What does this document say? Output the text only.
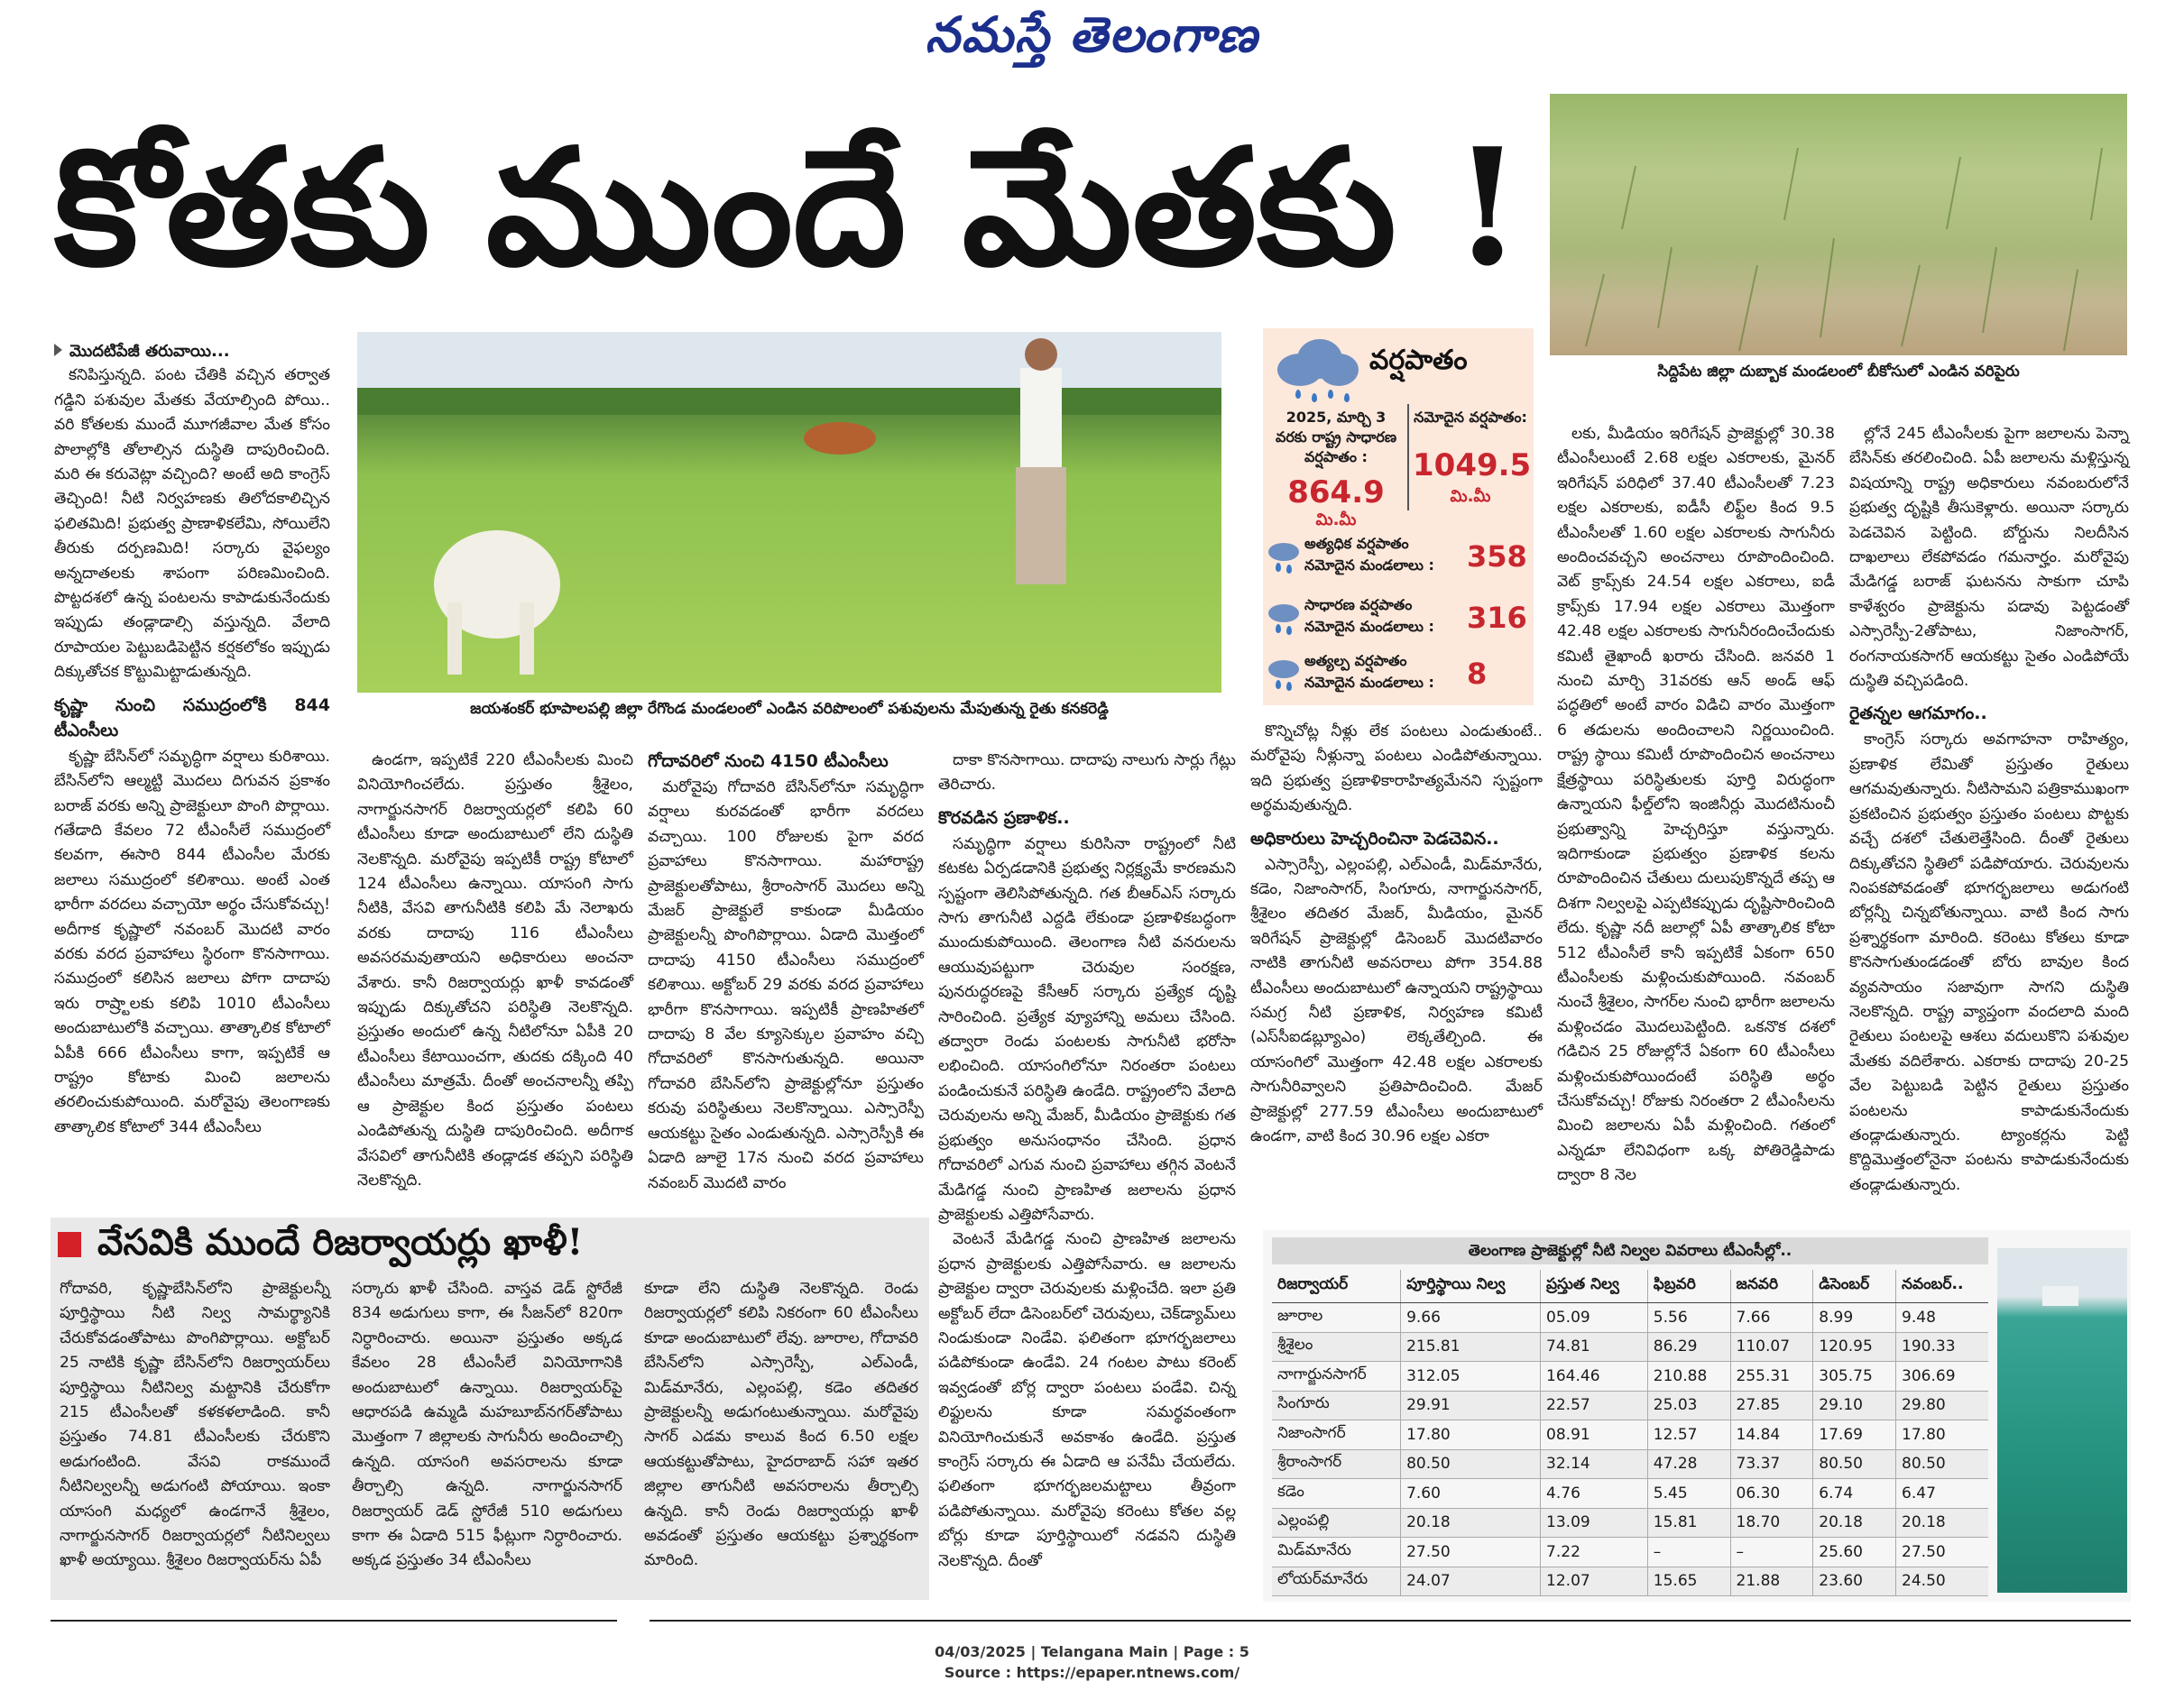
నమస్తే తెలంగాణ
కోతకు ముందే మేతకు !
సిద్దిపేట జిల్లా దుబ్బాక మండలంలో బీకోసులో ఎండిన వరిపైరు
జయశంకర్ భూపాలపల్లి జిల్లా రేగొండ మండలంలో ఎండిన వరిపొలంలో పశువులను మేపుతున్న రైతు కనకరెడ్డి
వర్షపాతం
2025, మార్చి 3 వరకు రాష్ట్ర సాధారణ వర్షపాతం :
864.9 మి.మీ
నమోదైన వర్షపాతం:
1049.5
మి.మీ
అత్యధిక వర్షపాతం
నమోదైన మండలాలు : 358
సాధారణ వర్షపాతం
నమోదైన మండలాలు : 316
అత్యల్ప వర్షపాతం
నమోదైన మండలాలు : 8
మొదటిపేజీ తరువాయి...

కనిపిస్తున్నది. పంట చేతికి వచ్చిన తర్వాత గడ్డిని పశువుల మేతకు వేయాల్సింది పోయి.. వరి కోతలకు ముందే మూగజీవాల మేత కోసం పొలాల్లోకి తోలాల్సిన దుస్థితి దాపురించింది. మరి ఈ కరువెట్లా వచ్చింది? అంటే అది కాంగ్రెస్ తెచ్చింది! నీటి నిర్వహణకు తిలోదకాలిచ్చిన ఫలితమిది! ప్రభుత్వ ప్రాణాళికలేమి, సోయిలేని తీరుకు దర్పణమిది! సర్కారు వైఫల్యం అన్నదాతలకు శాపంగా పరిణమించింది. పొట్టదశలో ఉన్న పంటలను కాపాడుకునేందుకు ఇప్పుడు తండ్లాడాల్సి వస్తున్నది. వేలాది రూపాయల పెట్టుబడిపెట్టిన కర్షకలోకం ఇప్పుడు దిక్కుతోచక కొట్టుమిట్టాడుతున్నది.

కృష్ణా నుంచి సముద్రంలోకి 844 టీఎంసీలు

కృష్ణా బేసిన్‌లో సమృద్ధిగా వర్షాలు కురిశాయి. బేసిన్‌లోని ఆల్మట్టి మొదలు దిగువన ప్రకాశం బరాజ్ వరకు అన్ని ప్రాజెక్టులూ పొంగి పొర్లాయి. గతేడాది కేవలం 72 టీఎంసీలే సముద్రంలో కలవగా, ఈసారి 844 టీఎంసీల మేరకు జలాలు సముద్రంలో కలిశాయి. అంటే ఎంత భారీగా వరదలు వచ్చాయో అర్థం చేసుకోవచ్చు! అదీగాక కృష్ణాలో నవంబర్ మొదటి వారం వరకు వరద ప్రవాహాలు స్థిరంగా కొనసాగాయి. సముద్రంలో కలిసిన జలాలు పోగా దాదాపు ఇరు రాష్ర్టాలకు కలిపి 1010 టీఎంసీలు అందుబాటులోకి వచ్చాయి. తాత్కాలిక కోటాలో ఏపీకి 666 టీఎంసీలు కాగా, ఇప్పటికే ఆ రాష్ట్రం కోటాకు మించి జలాలను తరలించుకుపోయింది. మరోవైపు తెలంగాణకు తాత్కాలిక కోటాలో 344 టీఎంసీలు

ఉండగా, ఇప్పటికే 220 టీఎంసీలకు మించి వినియోగించలేదు. ప్రస్తుతం శ్రీశైలం, నాగార్జునసాగర్ రిజర్వాయర్లలో కలిపి 60 టీఎంసీలు కూడా అందుబాటులో లేని దుస్థితి నెలకొన్నది. మరోవైపు ఇప్పటికీ రాష్ట్ర కోటాలో 124 టీఎంసీలు ఉన్నాయి. యాసంగి సాగు నీటికి, వేసవి తాగునీటికి కలిపి మే నెలాఖరు వరకు దాదాపు 116 టీఎంసీలు అవసరమవుతాయని అధికారులు అంచనా వేశారు. కానీ రిజర్వాయర్లు ఖాళీ కావడంతో ఇప్పుడు దిక్కుతోచని పరిస్థితి నెలకొన్నది. ప్రస్తుతం అందులో ఉన్న నీటిలోనూ ఏపీకి 20 టీఎంసీలు కేటాయించగా, తుదకు దక్కింది 40 టీఎంసీలు మాత్రమే. దీంతో అంచనాలన్నీ తప్పి ఆ ప్రాజెక్టుల కింద ప్రస్తుతం పంటలు ఎండిపోతున్న దుస్థితి దాపురించింది. అదీగాక వేసవిలో తాగునీటికి తండ్లాడక తప్పని పరిస్థితి నెలకొన్నది.

గోదావరిలో నుంచి 4150 టీఎంసీలు

మరోవైపు గోదావరి బేసిన్‌లోనూ సమృద్ధిగా వర్షాలు కురవడంతో భారీగా వరదలు వచ్చాయి. 100 రోజులకు పైగా వరద ప్రవాహాలు కొనసాగాయి. మహారాష్ట్ర ప్రాజెక్టులతోపాటు, శ్రీరాంసాగర్ మొదలు అన్ని మేజర్ ప్రాజెక్టులే కాకుండా మీడియం ప్రాజెక్టులన్నీ పొంగిపొర్లాయి. ఏడాది మొత్తంలో దాదాపు 4150 టీఎంసీలు సముద్రంలో కలిశాయి. అక్టోబర్ 29 వరకు వరద ప్రవాహాలు భారీగా కొనసాగాయి. ఇప్పటికీ ప్రాణహితలో దాదాపు 8 వేల క్యూసెక్కుల ప్రవాహం వచ్చి గోదావరిలో కొనసాగుతున్నది. అయినా గోదావరి బేసిన్‌లోని ప్రాజెక్టుల్లోనూ ప్రస్తుతం కరువు పరిస్థితులు నెలకొన్నాయి. ఎస్సారెస్పీ ఆయకట్టు సైతం ఎండుతున్నది. ఎస్సారెస్పీకి ఈ ఏడాది జూలై 17న నుంచి వరద ప్రవాహాలు నవంబర్ మొదటి వారం

దాకా కొనసాగాయి. దాదాపు నాలుగు సార్లు గేట్లు తెరిచారు.

కొరవడిన ప్రణాళిక..

సమృద్ధిగా వర్షాలు కురిసినా రాష్ట్రంలో నీటి కటకట ఏర్పడడానికి ప్రభుత్వ నిర్లక్ష్యమే కారణమని స్పష్టంగా తెలిసిపోతున్నది. గత బీఆర్ఎస్ సర్కారు సాగు తాగునీటి ఎద్దడి లేకుండా ప్రణాళికబద్ధంగా ముందుకుపోయింది. తెలంగాణ నీటి వనరులను ఆయువుపట్టుగా చెరువుల సంరక్షణ, పునరుద్ధరణపై కేసీఆర్ సర్కారు ప్రత్యేక దృష్టి సారించింది. ప్రత్యేక వ్యూహాన్ని అమలు చేసింది. తద్వారా రెండు పంటలకు సాగునీటి భరోసా లభించింది. యాసంగిలోనూ నిరంతరా పంటలు పండించుకునే పరిస్థితి ఉండేది. రాష్ట్రంలోని వేలాది చెరువులను అన్ని మేజర్, మీడియం ప్రాజెక్టుకు గత ప్రభుత్వం అనుసంధానం చేసింది. ప్రధాన గోదావరిలో ఎగువ నుంచి ప్రవాహాలు తగ్గిన వెంటనే మేడిగడ్డ నుంచి ప్రాణహిత జలాలను ప్రధాన ప్రాజెక్టులకు ఎత్తిపోసేవారు.

వెంటనే మేడిగడ్డ నుంచి ప్రాణహిత జలాలను ప్రధాన ప్రాజెక్టులకు ఎత్తిపోసేవారు. ఆ జలాలను ప్రాజెక్టుల ద్వారా చెరువులకు మళ్లించేది. ఇలా ప్రతి అక్టోబర్ లేదా డిసెంబర్‌లో చెరువులు, చెక్‌డ్యామ్‌లు నిండుకుండా నిండేవి. ఫలితంగా భూగర్భజలాలు పడిపోకుండా ఉండేవి. 24 గంటల పాటు కరెంట్ ఇవ్వడంతో బోర్ల ద్వారా పంటలు పండేవి. చిన్న లిఫ్టులను కూడా సమర్థవంతంగా వినియోగించుకునే అవకాశం ఉండేది. ప్రస్తుత కాంగ్రెస్ సర్కారు ఈ ఏడాది ఆ పనేమీ చేయలేదు. ఫలితంగా భూగర్భజలమట్టాలు తీవ్రంగా పడిపోతున్నాయి. మరోవైపు కరెంటు కోతల వల్ల బోర్లు కూడా పూర్తిస్థాయిలో నడవని దుస్థితి నెలకొన్నది. దీంతో

కొన్నిచోట్ల నీళ్లు లేక పంటలు ఎండుతుంటే.. మరోవైపు నీళ్లున్నా పంటలు ఎండిపోతున్నాయి. ఇది ప్రభుత్వ ప్రణాళికారాహిత్యమేనని స్పష్టంగా అర్థమవుతున్నది.

అధికారులు హెచ్చరించినా పెడచెవిన..

ఎస్సారెస్పీ, ఎల్లంపల్లి, ఎల్ఎండీ, మిడ్‌మానేరు, కడెం, నిజాంసాగర్, సింగూరు, నాగార్జునసాగర్, శ్రీశైలం తదితర మేజర్, మీడియం, మైనర్ ఇరిగేషన్ ప్రాజెక్టుల్లో డిసెంబర్ మొదటివారం నాటికి తాగునీటి అవసరాలు పోగా 354.88 టీఎంసీలు అందుబాటులో ఉన్నాయని రాష్ట్రస్థాయి సమగ్ర నీటి ప్రణాళిక, నిర్వహణ కమిటీ (ఎస్‌సీఐడబ్ల్యూఎం) లెక్కతేల్చింది. ఈ యాసంగిలో మొత్తంగా 42.48 లక్షల ఎకరాలకు సాగునీరివ్వాలని ప్రతిపాదించింది. మేజర్ ప్రాజెక్టుల్లో 277.59 టీఎంసీలు అందుబాటులో ఉండగా, వాటి కింద 30.96 లక్షల ఎకరా

లకు, మీడియం ఇరిగేషన్ ప్రాజెక్టుల్లో 30.38 టీఎంసీలుంటే 2.68 లక్షల ఎకరాలకు, మైనర్ ఇరిగేషన్ పరిధిలో 37.40 టీఎంసీలతో 7.23 లక్షల ఎకరాలకు, ఐడీసీ లిఫ్ట్‌ల కింద 9.5 టీఎంసీలతో 1.60 లక్షల ఎకరాలకు సాగునీరు అందించవచ్చని అంచనాలు రూపొందించింది. వెట్ క్రాప్స్‌కు 24.54 లక్షల ఎకరాలు, ఐడీ క్రాప్స్‌కు 17.94 లక్షల ఎకరాలు మొత్తంగా 42.48 లక్షల ఎకరాలకు సాగునీరందించేందుకు కమిటీ తైఖాందీ ఖరారు చేసింది. జనవరి 1 నుంచి మార్చి 31వరకు ఆన్ అండ్ ఆఫ్ పద్ధతిలో అంటే వారం విడిచి వారం మొత్తంగా 6 తడులను అందించాలని నిర్ణయించింది. రాష్ట్ర స్థాయి కమిటీ రూపొందించిన అంచనాలు క్షేత్రస్థాయి పరిస్థితులకు పూర్తి విరుద్ధంగా ఉన్నాయని ఫీల్డ్‌లోని ఇంజినీర్లు మొదటినుంచీ ప్రభుత్వాన్ని హెచ్చరిస్తూ వస్తున్నారు. ఇదిగాకుండా ప్రభుత్వం ప్రణాళిక కలను రూపొందించిన చేతులు దులుపుకొన్నదే తప్ప ఆ దిశగా నిల్వలపై ఎప్పటికప్పుడు దృష్టిసారించింది లేదు. కృష్ణా నదీ జలాల్లో ఏపీ తాత్కాలిక కోటా 512 టీఎంసీలే కానీ ఇప్పటికే ఏకంగా 650 టీఎంసీలకు మళ్లించుకుపోయింది. నవంబర్ నుంచే శ్రీశైలం, సాగర్‌ల నుంచి భారీగా జలాలను మళ్లించడం మొదలుపెట్టింది. ఒకనొక దశలో గడిచిన 25 రోజుల్లోనే ఏకంగా 60 టీఎంసీలు మళ్లించుకుపోయిందంటే పరిస్థితి అర్థం చేసుకోవచ్చు! రోజుకు నిరంతరా 2 టీఎంసీలను మించి జలాలను ఏపీ మళ్లించింది. గతంలో ఎన్నడూ లేనివిధంగా ఒక్క పోతిరెడ్డిపాడు ద్వారా 8 నెల

ల్లోనే 245 టీఎంసీలకు పైగా జలాలను పెన్నా బేసిన్‌కు తరలించింది. ఏపీ జలాలను మళ్లిస్తున్న విషయాన్ని రాష్ట్ర అధికారులు నవంబరులోనే ప్రభుత్వ దృష్టికి తీసుకెళ్లారు. అయినా సర్కారు పెడచెవిన పెట్టింది. బోర్డును నిలదీసిన దాఖలాలు లేకపోవడం గమనార్హం. మరోవైపు మేడిగడ్డ బరాజ్ ఘటనను సాకుగా చూపి కాళేశ్వరం ప్రాజెక్టును పడావు పెట్టడంతో ఎస్సారెస్పీ-2తోపాటు, నిజాంసాగర్, రంగనాయకసాగర్ ఆయకట్టు సైతం ఎండిపోయే దుస్థితి వచ్చిపడింది.

రైతన్నల ఆగమాగం..

కాంగ్రెస్ సర్కారు అవగాహనా రాహిత్యం, ప్రణాళిక లేమితో ప్రస్తుతం రైతులు ఆగమవుతున్నారు. నీటిసామని పత్రికాముఖంగా ప్రకటించిన ప్రభుత్వం ప్రస్తుతం పంటలు పొట్టకు వచ్చే దశలో చేతులెత్తేసింది. దీంతో రైతులు దిక్కుతోచని స్థితిలో పడిపోయారు. చెరువులను నింపకపోవడంతో భూగర్భజలాలు అడుగంటి బోర్లన్నీ చిన్నబోతున్నాయి. వాటి కింద సాగు ప్రశ్నార్థకంగా మారింది. కరెంటు కోతలు కూడా కొనసాగుతుండడంతో బోరు బావుల కింద వ్యవసాయం సజావుగా సాగని దుస్థితి నెలకొన్నది. రాష్ట్ర వ్యాప్తంగా వందలాది మంది రైతులు పంటలపై ఆశలు వదులుకొని పశువుల మేతకు వదిలేశారు. ఎకరాకు దాదాపు 20-25 వేల పెట్టుబడి పెట్టిన రైతులు ప్రస్తుతం పంటలను కాపాడుకునేందుకు తండ్లాడుతున్నారు. ట్యాంకర్లను పెట్టి కొద్దిమొత్తంలోనైనా పంటను కాపాడుకునేందుకు తండ్లాడుతున్నారు.

వేసవికి ముందే రిజర్వాయర్లు ఖాళీ!
గోదావరి, కృష్ణాబేసిన్‌లోని ప్రాజెక్టులన్నీ పూర్తిస్థాయి నీటి నిల్వ సామర్థ్యానికి చేరుకోవడంతోపాటు పొంగిపొర్లాయి. అక్టోబర్ 25 నాటికి కృష్ణా బేసిన్‌లోని రిజర్వాయర్‌లు పూర్తిస్థాయి నీటినిల్వ మట్టానికి చేరుకోగా 215 టీఎంసీలతో కళకళలాడింది. కానీ ప్రస్తుతం 74.81 టీఎంసీలకు చేరుకొని అడుగంటింది. వేసవి రాకముందే నీటినిల్వలన్నీ అడుగంటి పోయాయి. ఇంకా యాసంగి మధ్యలో ఉండగానే శ్రీశైలం, నాగార్జునసాగర్ రిజర్వాయర్లలో నీటినిల్వలు ఖాళీ అయ్యాయి. శ్రీశైలం రిజర్వాయర్‌ను ఏపీ
సర్కారు ఖాళీ చేసింది. వాస్తవ డెడ్ స్టోరేజీ 834 అడుగులు కాగా, ఈ సీజన్‌లో 820గా నిర్ధారించారు. అయినా ప్రస్తుతం అక్కడ కేవలం 28 టీఎంసీలే వినియోగానికి అందుబాటులో ఉన్నాయి. రిజర్వాయర్‌పై ఆధారపడి ఉమ్మడి మహబూబ్‌నగర్‌తోపాటు మొత్తంగా 7 జిల్లాలకు సాగునీరు అందించాల్సి ఉన్నది. యాసంగి అవసరాలను కూడా తీర్చాల్సి ఉన్నది. నాగార్జునసాగర్ రిజర్వాయర్ డెడ్ స్టోరేజీ 510 అడుగులు కాగా ఈ ఏడాది 515 ఫీట్లుగా నిర్ధారించారు. అక్కడ ప్రస్తుతం 34 టీఎంసీలు
కూడా లేని దుస్థితి నెలకొన్నది. రెండు రిజర్వాయర్లలో కలిపి నికరంగా 60 టీఎంసీలు కూడా అందుబాటులో లేవు. జూరాల, గోదావరి బేసిన్‌లోని ఎస్సారెస్పీ, ఎల్ఎండీ, మిడ్‌మానేరు, ఎల్లంపల్లి, కడెం తదితర ప్రాజెక్టులన్నీ అడుగంటుతున్నాయి. మరోవైపు సాగర్ ఎడమ కాలువ కింద 6.50 లక్షల ఆయకట్టుతోపాటు, హైదరాబాద్ సహా ఇతర జిల్లాల తాగునీటి అవసరాలను తీర్చాల్సి ఉన్నది. కానీ రెండు రిజర్వాయర్లు ఖాళీ అవడంతో ప్రస్తుతం ఆయకట్టు ప్రశ్నార్థకంగా మారింది.
తెలంగాణ ప్రాజెక్టుల్లో నీటి నిల్వల వివరాలు టీఎంసీల్లో..
రిజర్వాయర్	పూర్తిస్థాయి నిల్వ	ప్రస్తుత నిల్వ	ఫిబ్రవరి	జనవరి	డిసెంబర్	నవంబర్..
జూరాల	9.66	05.09	5.56	7.66	8.99	9.48
శ్రీశైలం	215.81	74.81	86.29	110.07	120.95	190.33
నాగార్జునసాగర్	312.05	164.46	210.88	255.31	305.75	306.69
సింగూరు	29.91	22.57	25.03	27.85	29.10	29.80
నిజాంసాగర్	17.80	08.91	12.57	14.84	17.69	17.80
శ్రీరాంసాగర్	80.50	32.14	47.28	73.37	80.50	80.50
కడెం	7.60	4.76	5.45	06.30	6.74	6.47
ఎల్లంపల్లి	20.18	13.09	15.81	18.70	20.18	20.18
మిడ్‌మానేరు	27.50	7.22	–	–	25.60	27.50
లోయర్‌మానేరు	24.07	12.07	15.65	21.88	23.60	24.50
04/03/2025 | Telangana Main | Page : 5
Source : https://epaper.ntnews.com/
